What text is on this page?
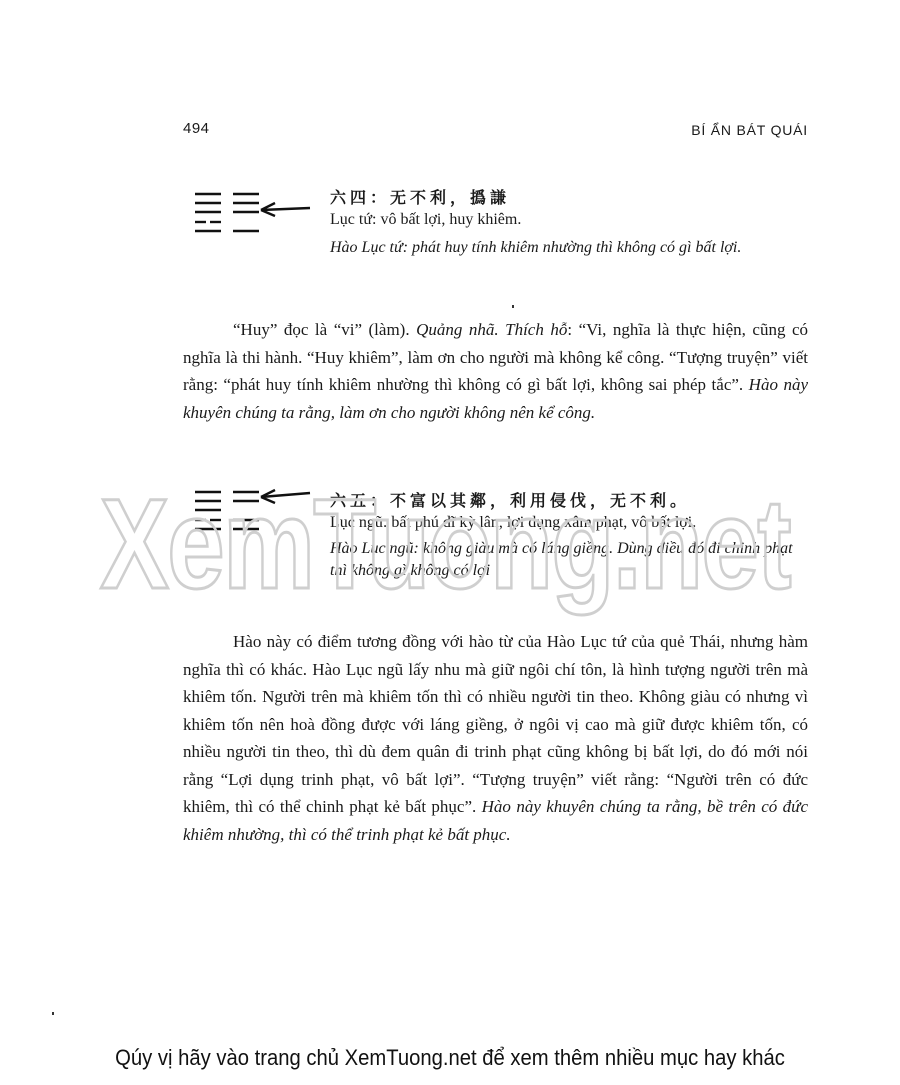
494	BÍ ẨN BÁT QUÁI
六四：无不利，撝謙
Lục tứ: vô bất lợi, huy khiêm.
Hào Lục tứ: phát huy tính khiêm nhường thì không có gì bất lợi.

“Huy” đọc là “vi” (làm). Quảng nhã. Thích hỗ: “Vi, nghĩa là thực hiện, cũng có nghĩa là thi hành. “Huy khiêm”, làm ơn cho người mà không kể công. “Tượng truyện” viết rằng: “phát huy tính khiêm nhường thì không có gì bất lợi, không sai phép tắc”. Hào này khuyên chúng ta rằng, làm ơn cho người không nên kể công.

六五：不富以其鄰，利用侵伐，无不利。
Lục ngũ: bất phú dĩ kỳ lân, lợi dụng xâm phạt, vô bất lợi.
Hào Lục ngũ: không giàu mà có láng giềng. Dùng điều đó đi chinh phạt thì không gì không có lợi

Hào này có điểm tương đồng với hào từ của Hào Lục tứ của quẻ Thái, nhưng hàm nghĩa thì có khác. Hào Lục ngũ lấy nhu mà giữ ngôi chí tôn, là hình tượng người trên mà khiêm tốn. Người trên mà khiêm tốn thì có nhiều người tin theo. Không giàu có nhưng vì khiêm tốn nên hoà đồng được với láng giềng, ở ngôi vị cao mà giữ được khiêm tốn, có nhiều người tin theo, thì dù đem quân đi trinh phạt cũng không bị bất lợi, do đó mới nói rằng “Lợi dụng trinh phạt, vô bất lợi”. “Tượng truyện” viết rằng: “Người trên có đức khiêm, thì có thể chinh phạt kẻ bất phục”. Hào này khuyên chúng ta rằng, bề trên có đức khiêm nhường, thì có thể trinh phạt kẻ bất phục.

XemTuong.net
Qúy vị hãy vào trang chủ XemTuong.net để xem thêm nhiều mục hay khác
